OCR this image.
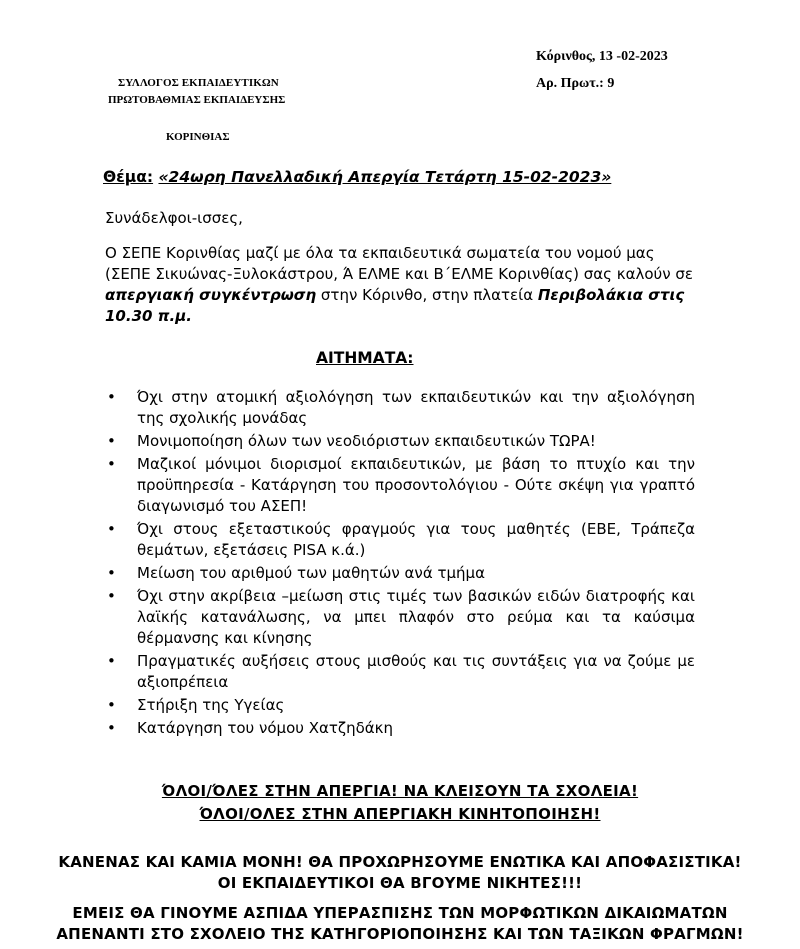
Κόρινθος, 13 -02-2023
Αρ. Πρωτ.: 9
ΣΥΛΛΟΓΟΣ ΕΚΠΑΙΔΕΥΤΙΚΩΝ
ΠΡΩΤΟΒΑΘΜΙΑΣ ΕΚΠΑΙΔΕΥΣΗΣ
ΚΟΡΙΝΘΙΑΣ
Θέμα: «24ωρη Πανελλαδική Απεργία Τετάρτη 15-02-2023»
Συνάδελφοι-ισσες,
Ο ΣΕΠΕ Κορινθίας μαζί με όλα τα εκπαιδευτικά σωματεία του νομού μας (ΣΕΠΕ Σικυώνας-Ξυλοκάστρου, Ά ΕΛΜΕ και Β΄ΕΛΜΕ Κορινθίας) σας καλούν σε απεργιακή συγκέντρωση στην Κόρινθο, στην πλατεία Περιβολάκια στις 10.30 π.μ.
ΑΙΤΗΜΑΤΑ:
• Όχι στην ατομική αξιολόγηση των εκπαιδευτικών και την αξιολόγηση της σχολικής μονάδας
• Μονιμοποίηση όλων των νεοδιόριστων εκπαιδευτικών ΤΩΡΑ!
• Μαζικοί μόνιμοι διορισμοί εκπαιδευτικών, με βάση το πτυχίο και την προϋπηρεσία - Κατάργηση του προσοντολόγιου - Ούτε σκέψη για γραπτό διαγωνισμό του ΑΣΕΠ!
• Όχι στους εξεταστικούς φραγμούς για τους μαθητές (ΕΒΕ, Τράπεζα θεμάτων, εξετάσεις PISA κ.ά.)
• Μείωση του αριθμού των μαθητών ανά τμήμα
• Όχι στην ακρίβεια –μείωση στις τιμές των βασικών ειδών διατροφής και λαϊκής κατανάλωσης, να μπει πλαφόν στο ρεύμα και τα καύσιμα θέρμανσης και κίνησης
• Πραγματικές αυξήσεις στους μισθούς και τις συντάξεις για να ζούμε με αξιοπρέπεια
• Στήριξη της Υγείας
• Κατάργηση του νόμου Χατζηδάκη
ΌΛΟΙ/ΌΛΕΣ ΣΤΗΝ ΑΠΕΡΓΙΑ! ΝΑ ΚΛΕΙΣΟΥΝ ΤΑ ΣΧΟΛΕΙΑ!
ΌΛΟΙ/ΟΛΕΣ ΣΤΗΝ ΑΠΕΡΓΙΑΚΗ ΚΙΝΗΤΟΠΟΙΗΣΗ!
ΚΑΝΕΝΑΣ ΚΑΙ ΚΑΜΙΑ ΜΟΝΗ! ΘΑ ΠΡΟΧΩΡΗΣΟΥΜΕ ΕΝΩΤΙΚΑ ΚΑΙ ΑΠΟΦΑΣΙΣΤΙΚΑ!
ΟΙ ΕΚΠΑΙΔΕΥΤΙΚΟΙ ΘΑ ΒΓΟΥΜΕ ΝΙΚΗΤΕΣ!!!
ΕΜΕΙΣ ΘΑ ΓΙΝΟΥΜΕ ΑΣΠΙΔΑ ΥΠΕΡΑΣΠΙΣΗΣ ΤΩΝ ΜΟΡΦΩΤΙΚΩΝ ΔΙΚΑΙΩΜΑΤΩΝ
ΑΠΕΝΑΝΤΙ ΣΤΟ ΣΧΟΛΕΙΟ ΤΗΣ ΚΑΤΗΓΟΡΙΟΠΟΙΗΣΗΣ ΚΑΙ ΤΩΝ ΤΑΞΙΚΩΝ ΦΡΑΓΜΩΝ!
